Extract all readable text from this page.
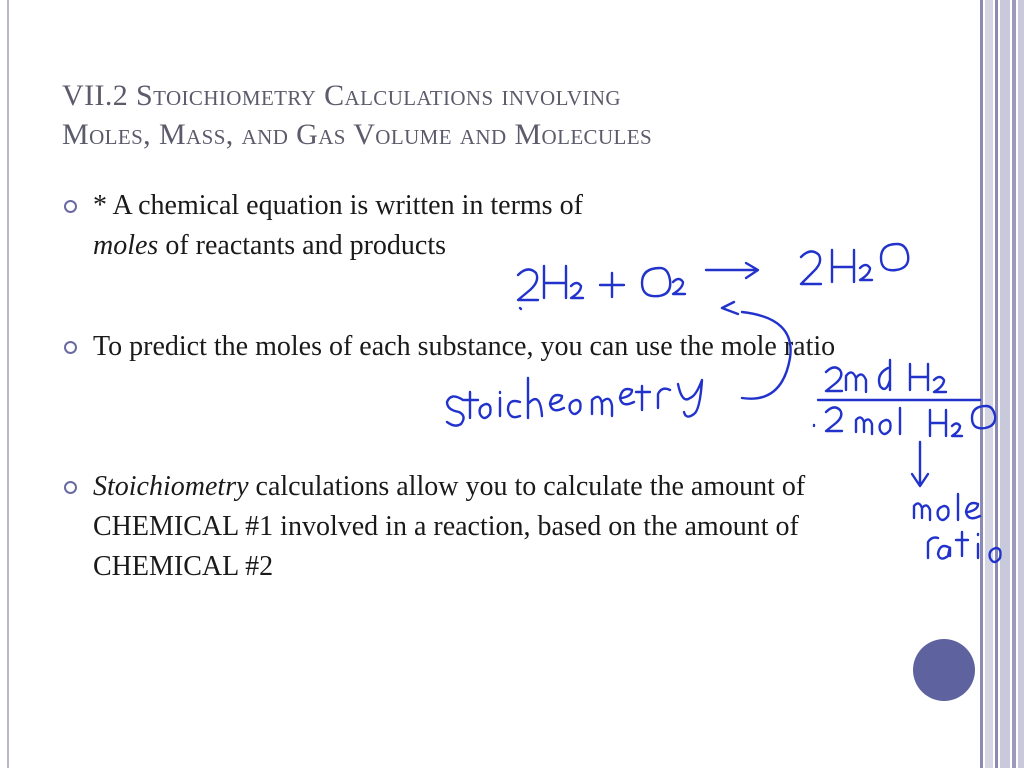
VII.2 Stoichiometry Calculations involving
Moles, Mass, and Gas Volume and Molecules
* A chemical equation is written in terms of
moles of reactants and products
To predict the moles of each substance, you can use the mole ratio
Stoichiometry calculations allow you to calculate the amount of CHEMICAL #1 involved in a reaction, based on the amount of CHEMICAL #2
